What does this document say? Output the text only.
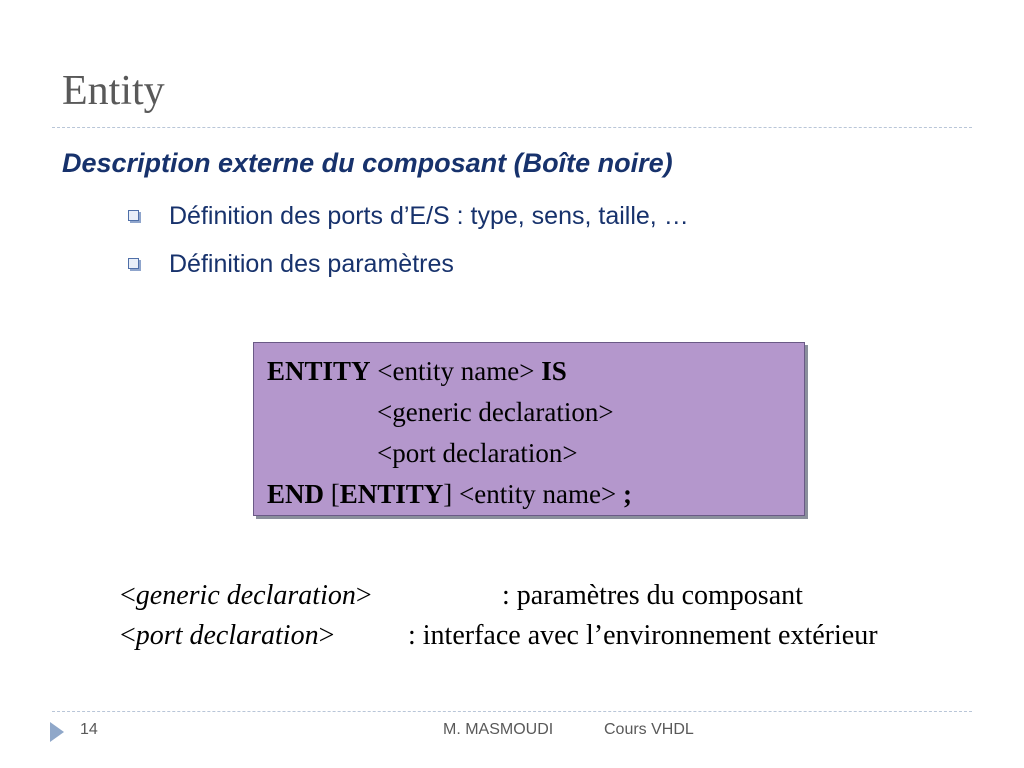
Entity
Description externe du composant (Boîte noire)
Définition des ports d’E/S : type, sens, taille, …
Définition des paramètres
ENTITY <entity name> IS
<generic declaration>
<port declaration>
END [ENTITY] <entity name> ;
<generic declaration>	: paramètres du composant
<port declaration>	: interface avec l’environnement extérieur
14	M. MASMOUDI	Cours VHDL
